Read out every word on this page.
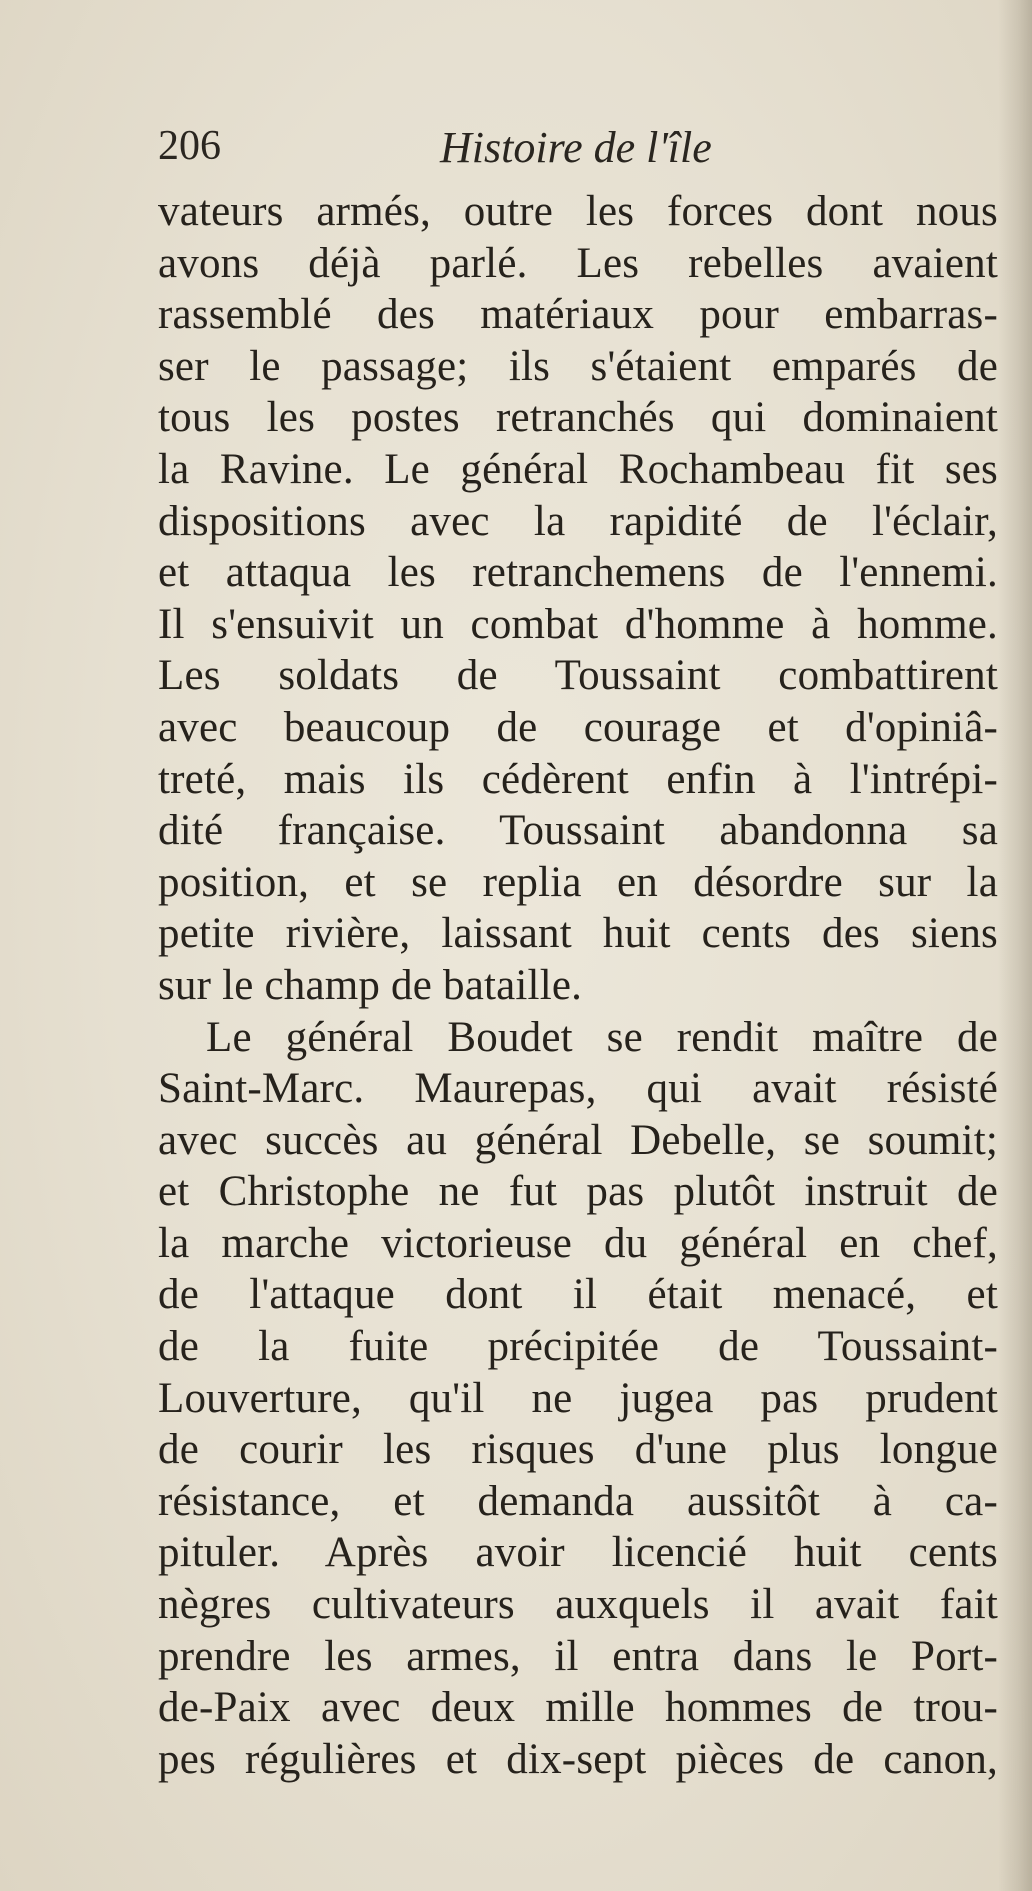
206	Histoire de l'île
vateurs armés, outre les forces dont nous
avons déjà parlé. Les rebelles avaient
rassemblé des matériaux pour embarras-
ser le passage; ils s'étaient emparés de
tous les postes retranchés qui dominaient
la Ravine. Le général Rochambeau fit ses
dispositions avec la rapidité de l'éclair,
et attaqua les retranchemens de l'ennemi.
Il s'ensuivit un combat d'homme à homme.
Les soldats de Toussaint combattirent
avec beaucoup de courage et d'opiniâ-
treté, mais ils cédèrent enfin à l'intrépi-
dité française. Toussaint abandonna sa
position, et se replia en désordre sur la
petite rivière, laissant huit cents des siens
sur le champ de bataille.
Le général Boudet se rendit maître de
Saint-Marc. Maurepas, qui avait résisté
avec succès au général Debelle, se soumit;
et Christophe ne fut pas plutôt instruit de
la marche victorieuse du général en chef,
de l'attaque dont il était menacé, et
de la fuite précipitée de Toussaint-
Louverture, qu'il ne jugea pas prudent
de courir les risques d'une plus longue
résistance, et demanda aussitôt à ca-
pituler. Après avoir licencié huit cents
nègres cultivateurs auxquels il avait fait
prendre les armes, il entra dans le Port-
de-Paix avec deux mille hommes de trou-
pes régulières et dix-sept pièces de canon,
